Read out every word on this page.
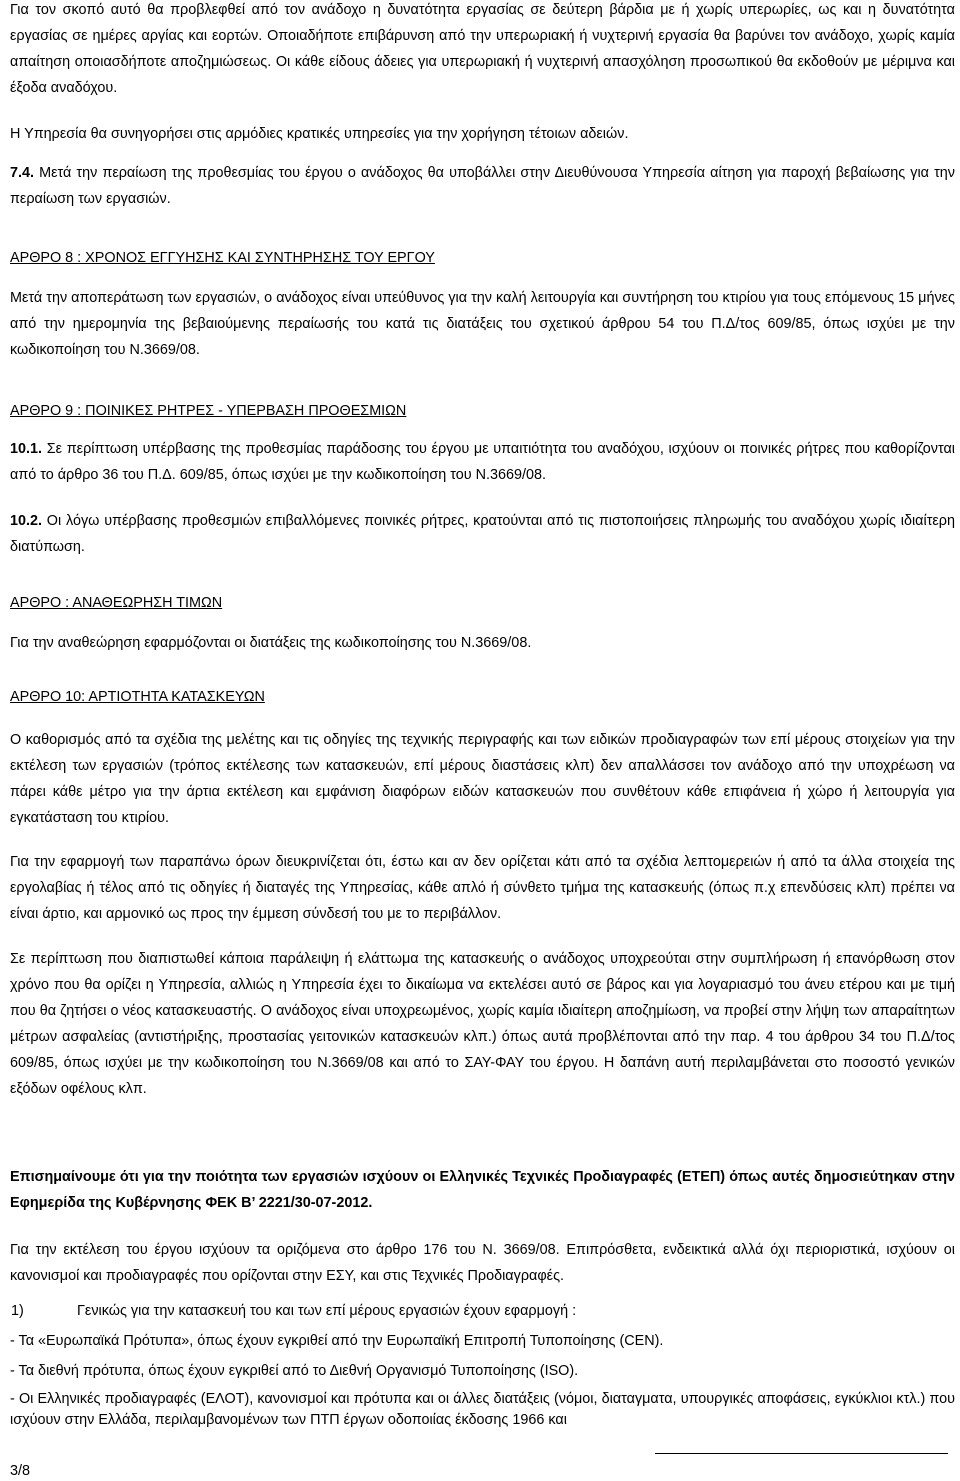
Για τον σκοπό αυτό θα προβλεφθεί από τον ανάδοχο η δυνατότητα εργασίας σε δεύτερη βάρδια με ή χωρίς υπερωρίες, ως και η δυνατότητα εργασίας σε ημέρες αργίας και εορτών. Οποιαδήποτε επιβάρυνση από την υπερωριακή ή νυχτερινή εργασία θα βαρύνει τον ανάδοχο, χωρίς καμία απαίτηση οποιασδήποτε αποζημιώσεως. Οι κάθε είδους άδειες για υπερωριακή ή νυχτερινή απασχόληση προσωπικού θα εκδοθούν με μέριμνα και έξοδα αναδόχου.

Η Υπηρεσία θα συνηγορήσει στις αρμόδιες κρατικές υπηρεσίες για την χορήγηση τέτοιων αδειών.

7.4. Μετά την περαίωση της προθεσμίας του έργου ο ανάδοχος θα υποβάλλει στην Διευθύνουσα Υπηρεσία αίτηση για παροχή βεβαίωσης για την περαίωση των εργασιών.

ΑΡΘΡΟ 8 : ΧΡΟΝΟΣ ΕΓΓΥΗΣΗΣ ΚΑΙ ΣΥΝΤΗΡΗΣΗΣ ΤΟΥ ΕΡΓΟΥ

Μετά την αποπεράτωση των εργασιών, ο ανάδοχος είναι υπεύθυνος για την καλή λειτουργία και συντήρηση του κτιρίου για τους επόμενους 15 μήνες από την ημερομηνία της βεβαιούμενης περαίωσής του κατά τις διατάξεις του σχετικού άρθρου 54 του Π.Δ/τος 609/85, όπως ισχύει με την κωδικοποίηση του Ν.3669/08.

ΑΡΘΡΟ 9 : ΠΟΙΝΙΚΕΣ ΡΗΤΡΕΣ - ΥΠΕΡΒΑΣΗ ΠΡΟΘΕΣΜΙΩΝ

10.1. Σε περίπτωση υπέρβασης της προθεσμίας παράδοσης του έργου με υπαιτιότητα του αναδόχου, ισχύουν οι ποινικές ρήτρες που καθορίζονται από το άρθρο 36 του Π.Δ. 609/85, όπως ισχύει με την κωδικοποίηση του Ν.3669/08.

10.2. Οι λόγω υπέρβασης προθεσμιών επιβαλλόμενες ποινικές ρήτρες, κρατούνται από τις πιστοποιήσεις πληρωμής του αναδόχου χωρίς ιδιαίτερη διατύπωση.

ΑΡΘΡΟ : ΑΝΑΘΕΩΡΗΣΗ ΤΙΜΩΝ

Για την αναθεώρηση εφαρμόζονται οι διατάξεις της κωδικοποίησης του Ν.3669/08.

ΑΡΘΡΟ 10: ΑΡΤΙΟΤΗΤΑ ΚΑΤΑΣΚΕΥΩΝ

Ο καθορισμός από τα σχέδια της μελέτης και τις οδηγίες της τεχνικής περιγραφής και των ειδικών προδιαγραφών των επί μέρους στοιχείων για την εκτέλεση των εργασιών (τρόπος εκτέλεσης των κατασκευών, επί μέρους διαστάσεις κλπ) δεν απαλλάσσει τον ανάδοχο από την υποχρέωση να πάρει κάθε μέτρο για την άρτια εκτέλεση και εμφάνιση διαφόρων ειδών κατασκευών που συνθέτουν κάθε επιφάνεια ή χώρο ή λειτουργία για εγκατάσταση του κτιρίου.

Για την εφαρμογή των παραπάνω όρων διευκρινίζεται ότι, έστω και αν δεν ορίζεται κάτι από τα σχέδια λεπτομερειών ή από τα άλλα στοιχεία της εργολαβίας ή τέλος από τις οδηγίες ή διαταγές της Υπηρεσίας, κάθε απλό ή σύνθετο τμήμα της κατασκευής (όπως π.χ επενδύσεις κλπ) πρέπει να είναι άρτιο, και αρμονικό ως προς την έμμεση σύνδεσή του με το περιβάλλον.

Σε περίπτωση που διαπιστωθεί κάποια παράλειψη ή ελάττωμα της κατασκευής ο ανάδοχος υποχρεούται στην συμπλήρωση ή επανόρθωση στον χρόνο που θα ορίζει η Υπηρεσία, αλλιώς η Υπηρεσία έχει το δικαίωμα να εκτελέσει αυτό σε βάρος και για λογαριασμό του άνευ ετέρου και με τιμή που θα ζητήσει ο νέος κατασκευαστής. Ο ανάδοχος είναι υποχρεωμένος, χωρίς καμία ιδιαίτερη αποζημίωση, να προβεί στην λήψη των απαραίτητων μέτρων ασφαλείας (αντιστήριξης, προστασίας γειτονικών κατασκευών κλπ.) όπως αυτά προβλέπονται από την παρ. 4 του άρθρου 34 του Π.Δ/τος 609/85, όπως ισχύει με την κωδικοποίηση του Ν.3669/08 και από το ΣΑΥ-ΦΑΥ του έργου. Η δαπάνη αυτή περιλαμβάνεται στο ποσοστό γενικών εξόδων οφέλους κλπ.

Επισημαίνουμε ότι για την ποιότητα των εργασιών ισχύουν οι Ελληνικές Τεχνικές Προδιαγραφές (ΕΤΕΠ) όπως αυτές δημοσιεύτηκαν στην Εφημερίδα της Κυβέρνησης ΦΕΚ Β’ 2221/30-07-2012.

Για την εκτέλεση του έργου ισχύουν τα οριζόμενα στο άρθρο 176 του Ν. 3669/08. Επιπρόσθετα, ενδεικτικά αλλά όχι περιοριστικά, ισχύουν οι κανονισμοί και προδιαγραφές που ορίζονται στην ΕΣΥ, και στις Τεχνικές Προδιαγραφές.

1)	Γενικώς για την κατασκευή του και των επί μέρους εργασιών έχουν εφαρμογή :

- Τα «Ευρωπαϊκά Πρότυπα», όπως έχουν εγκριθεί από την Ευρωπαϊκή Επιτροπή Τυποποίησης (CEN).

- Τα διεθνή πρότυπα, όπως έχουν εγκριθεί από το Διεθνή Οργανισμό Τυποποίησης (ISO).

- Οι Ελληνικές προδιαγραφές (ΕΛΟΤ), κανονισμοί και πρότυπα και οι άλλες διατάξεις (νόμοι, διαταγματα, υπουργικές αποφάσεις, εγκύκλιοι κτλ.) που ισχύουν στην Ελλάδα, περιλαμβανομένων των ΠΤΠ έργων οδοποιίας έκδοσης 1966 και

3/8
